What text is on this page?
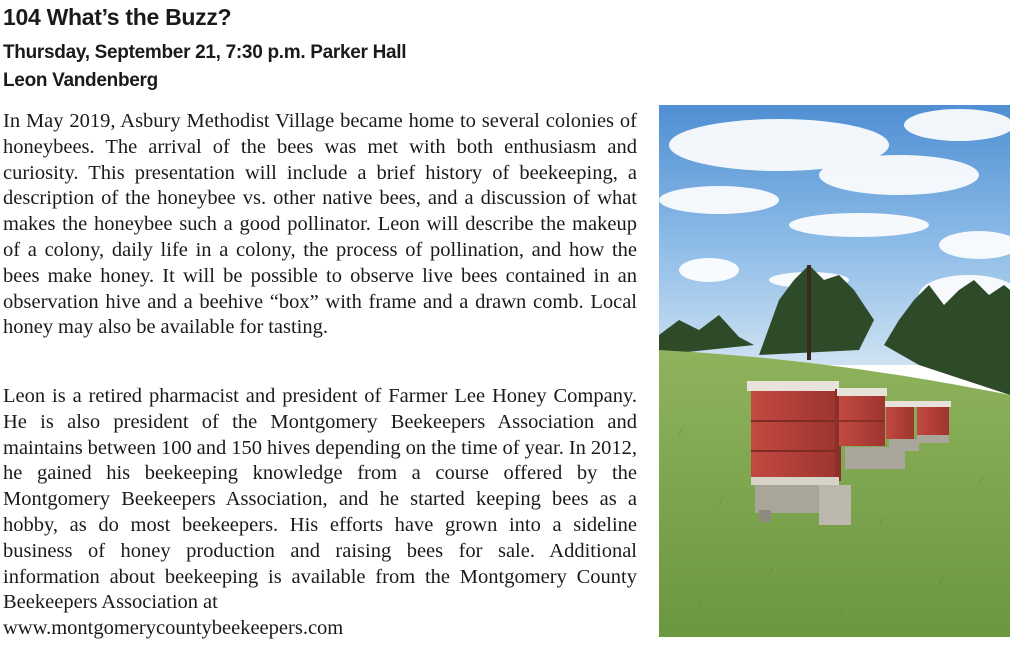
104 What’s the Buzz?
Thursday, September 21, 7:30 p.m. Parker Hall
Leon Vandenberg
In May 2019, Asbury Methodist Village became home to several colonies of honeybees. The arrival of the bees was met with both enthusiasm and curiosity. This presentation will include a brief history of beekeeping, a description of the honeybee vs. other native bees, and a discussion of what makes the honeybee such a good pollinator. Leon will describe the makeup of a colony, daily life in a colony, the process of pollination, and how the bees make honey. It will be possible to observe live bees contained in an observation hive and a beehive “box” with frame and a drawn comb. Local honey may also be available for tasting.
Leon is a retired pharmacist and president of Farmer Lee Honey Company. He is also president of the Montgomery Beekeepers Association and maintains between 100 and 150 hives depending on the time of year. In 2012, he gained his beekeeping knowledge from a course offered by the Montgomery Beekeepers Association, and he started keeping bees as a hobby, as do most beekeepers. His efforts have grown into a sideline business of honey production and raising bees for sale. Additional information about beekeeping is available from the Montgomery County Beekeepers Association at
www.montgomerycountybeekeepers.com
